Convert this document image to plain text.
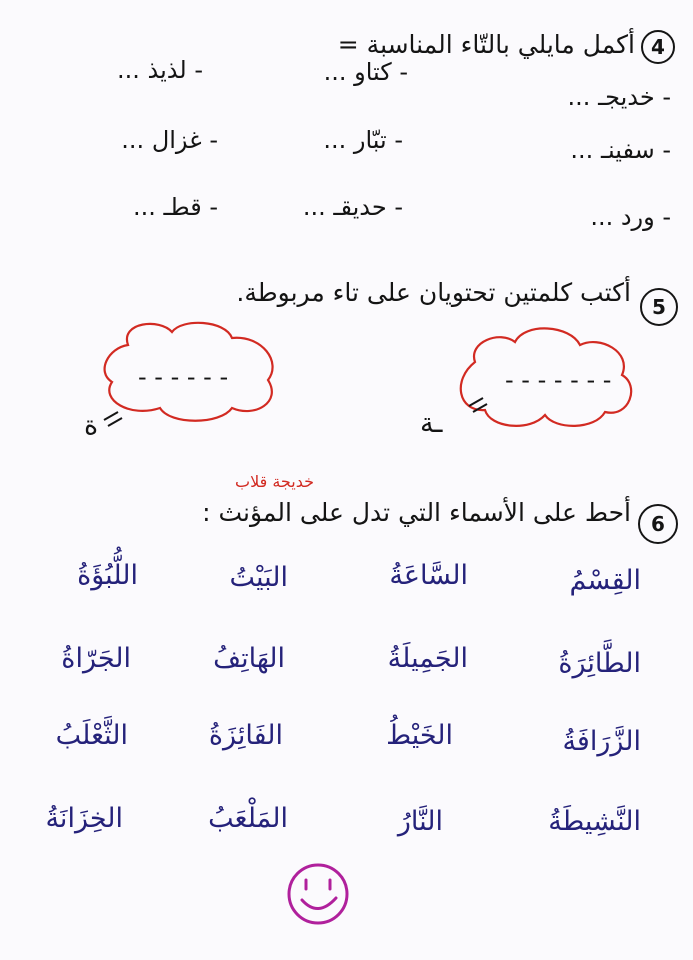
4
أكمل مايلي بالتّاء المناسبة =
- خديجـ ...
- كتاو ...
- لذيذ ...
- سفينـ ...
- تبّار ...
- غزال ...
- ورد ...
- حديقـ ...
- قطـ ...
5
أكتب كلمتين تحتويان على تاء مربوطة.
- - - - - - -
- - - - - -
ـة
ة
خديجة قلاب
6
أحط على الأسماء التي تدل على المؤنث :
القِسْمُ
السَّاعَةُ
البَيْتُ
اللُّبُؤَةُ
الطَّائِرَةُ
الجَمِيلَةُ
الهَاتِفُ
الجَرّاةُ
الزَّرَافَةُ
الخَيْطُ
الفَائِزَةُ
الثَّعْلَبُ
النَّشِيطَةُ
النَّارُ
المَلْعَبُ
الخِزَانَةُ
